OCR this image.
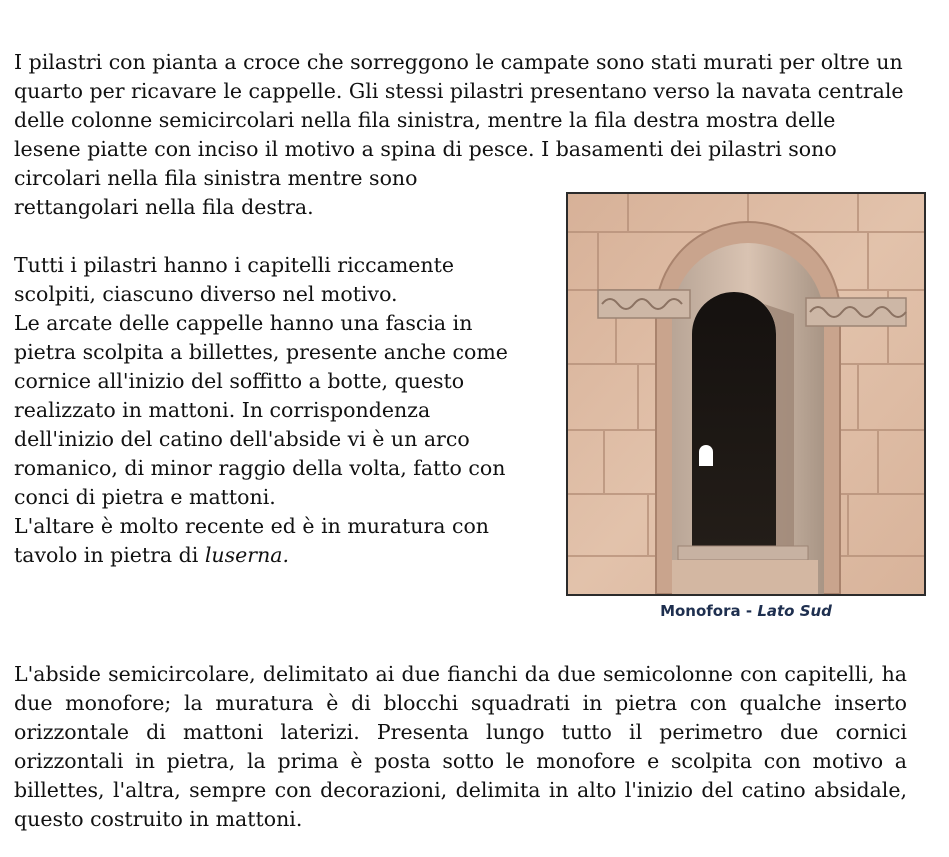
I pilastri con pianta a croce che sorreggono le campate sono stati murati per oltre un
quarto per ricavare le cappelle. Gli stessi pilastri presentano verso la navata centrale
delle colonne semicircolari nella fila sinistra, mentre la fila destra mostra delle
lesene piatte con inciso il motivo a spina di pesce. I basamenti dei pilastri sono
circolari nella fila sinistra mentre sono
rettangolari nella fila destra.
Tutti i pilastri hanno i capitelli riccamente
scolpiti, ciascuno diverso nel motivo.
Le arcate delle cappelle hanno una fascia in
pietra scolpita a billettes, presente anche come
cornice all'inizio del soffitto a botte, questo
realizzato in mattoni. In corrispondenza
dell'inizio del catino dell'abside vi è un arco
romanico, di minor raggio della volta, fatto con
conci di pietra e mattoni.
L'altare è molto recente ed è in muratura con
tavolo in pietra di luserna.
Monofora - Lato Sud

L'abside semicircolare, delimitato ai due fianchi da due semicolonne con capitelli, ha due monofore; la muratura è di blocchi squadrati in pietra con qualche inserto orizzontale di mattoni laterizi. Presenta lungo tutto il perimetro due cornici orizzontali in pietra, la prima è posta sotto le monofore e scolpita con motivo a billettes, l'altra, sempre con decorazioni, delimita in alto l'inizio del catino absidale, questo costruito in mattoni.
